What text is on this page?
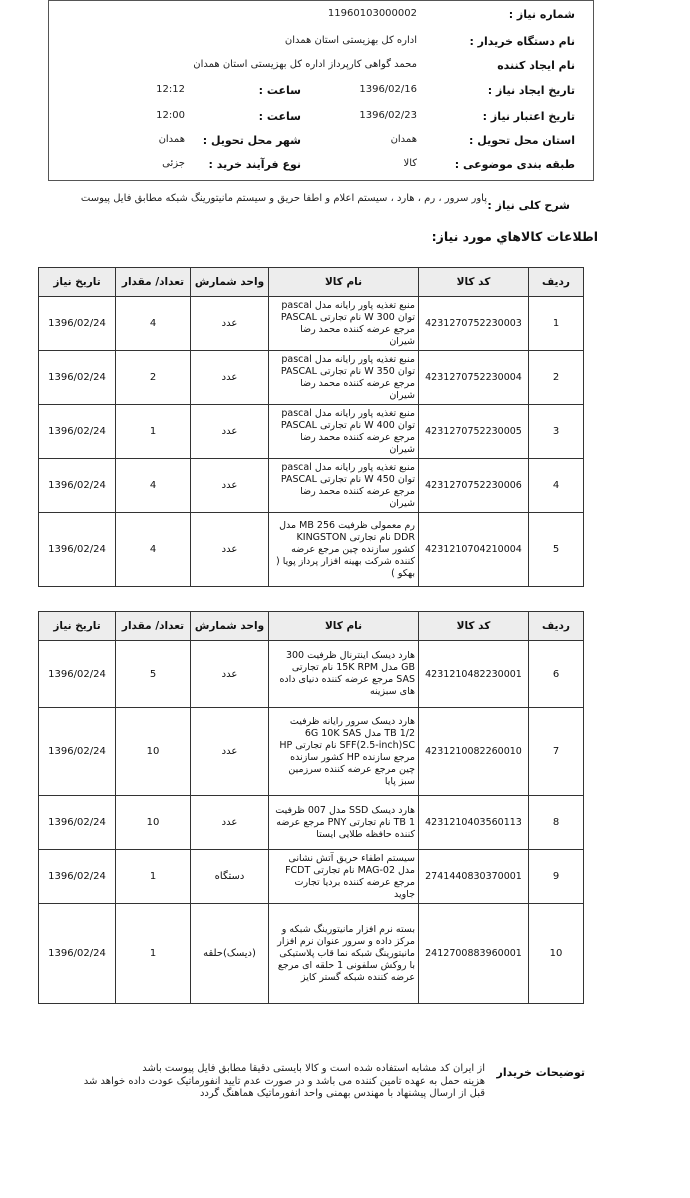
شماره نیاز :
11960103000002
نام دستگاه خریدار :
اداره کل بهزیستی استان همدان
نام ایجاد کننده
محمد گواهی کارپرداز اداره کل بهزیستی استان همدان
تاریخ ایجاد نیاز :
1396/02/16
ساعت :
12:12
تاریخ اعتبار نیاز :
1396/02/23
ساعت :
12:00
استان محل تحویل :
همدان
شهر محل تحویل :
همدان
طبقه بندی موضوعی :
کالا
نوع فرآیند خرید :
جزئی
شرح کلی نیاز :
پاور سرور ، رم ، هارد ، سیستم اعلام و اطفا حریق و سیستم مانیتورینگ شبکه مطابق فایل پیوست
اطلاعات کالاهاي مورد نياز:
ردیف	کد کالا	نام کالا	واحد شمارش	تعداد/ مقدار	تاریخ نیاز
1	4231270752230003	منبع تغذیه پاور رایانه مدل pascal توان 300 W نام تجارتی PASCAL مرجع عرضه کننده محمد رضا شیران	عدد	4	1396/02/24
2	4231270752230004	منبع تغذیه پاور رایانه مدل pascal توان 350 W نام تجارتی PASCAL مرجع عرضه کننده محمد رضا شیران	عدد	2	1396/02/24
3	4231270752230005	منبع تغذیه پاور رایانه مدل pascal توان 400 W نام تجارتی PASCAL مرجع عرضه کننده محمد رضا شیران	عدد	1	1396/02/24
4	4231270752230006	منبع تغذیه پاور رایانه مدل pascal توان 450 W نام تجارتی PASCAL مرجع عرضه کننده محمد رضا شیران	عدد	4	1396/02/24
5	4231210704210004	رم معمولی ظرفیت 256 MB مدل DDR نام تجارتی KINGSTON کشور سازنده چین مرجع عرضه کننده شرکت بهینه افزار پرداز پویا ( بهکو )	عدد	4	1396/02/24
ردیف	کد کالا	نام کالا	واحد شمارش	تعداد/ مقدار	تاریخ نیاز
6	4231210482230001	هارد دیسک اینترنال ظرفیت 300 GB مدل 15K RPM نام تجارتی SAS مرجع عرضه کننده دنیای داده های سبزینه	عدد	5	1396/02/24
7	4231210082260010	هارد دیسک سرور رایانه ظرفیت 1/2 TB مدل 6G 10K SAS SFF(2.5-inch)SC نام تجارتی HP مرجع سازنده HP کشور سازنده چین مرجع عرضه کننده سرزمین سبز پایا	عدد	10	1396/02/24
8	4231210403560113	هارد دیسک SSD مدل 007 ظرفیت 1 TB نام تجارتی PNY مرجع عرضه کننده حافظه طلایی ایستا	عدد	10	1396/02/24
9	2741440830370001	سیستم اطفاء حریق آتش نشانی مدل MAG-02 نام تجارتی FCDT مرجع عرضه کننده بردیا تجارت جاوید	دستگاه	1	1396/02/24
10	2412700883960001	بسته نرم افزار مانیتورینگ شبکه و مرکز داده و سرور عنوان نرم افزار مانیتورینگ شبکه نما قاب پلاستیکی با روکش سلفونی 1 حلقه ای مرجع عرضه کننده شبکه گستر کایز	(دیسک)حلقه	1	1396/02/24
توضیحات خریدار
از ایران کد مشابه استفاده شده است و کالا بایستی دقیقا مطابق فایل پیوست باشد
هزینه حمل به عهده تامین کننده می باشد و در صورت عدم تایید انفورماتیک عودت داده خواهد شد
قبل از ارسال پیشنهاد با مهندس بهمنی واحد انفورماتیک هماهنگ گردد
